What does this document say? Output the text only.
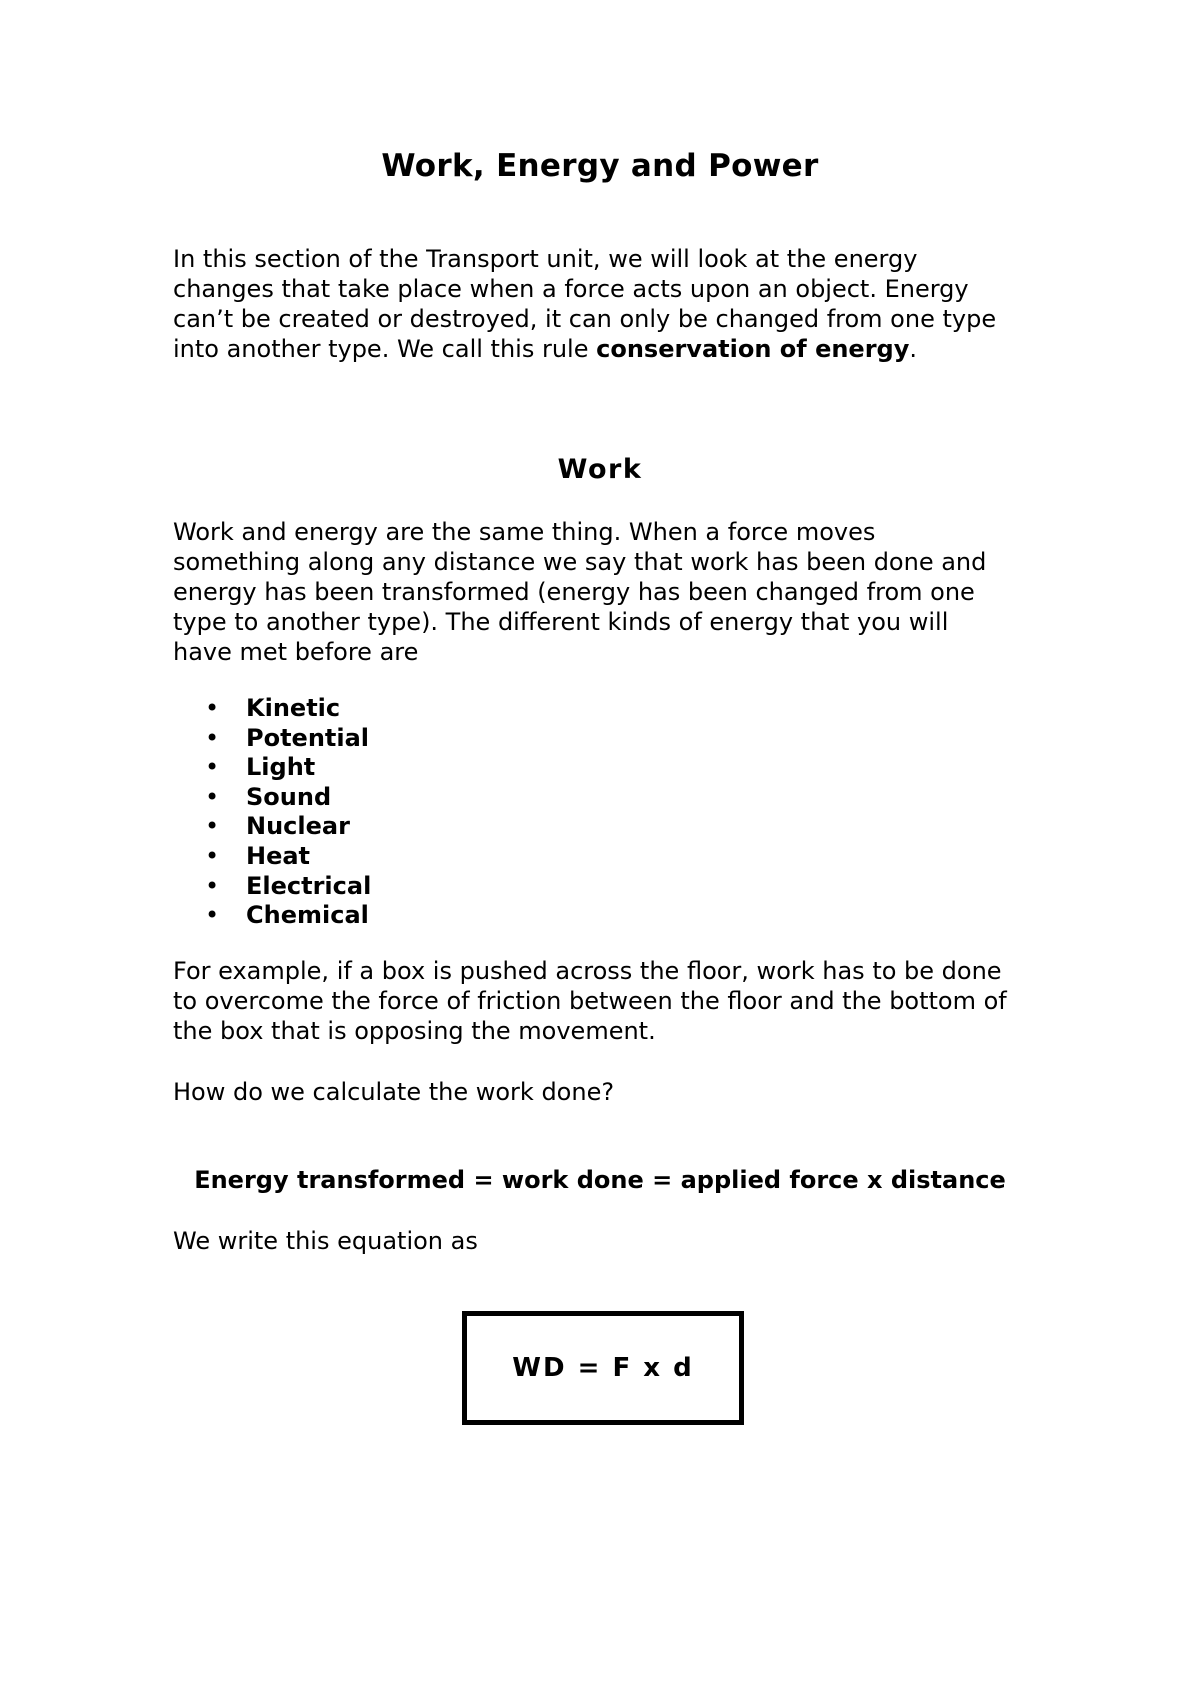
Work, Energy and Power

In this section of the Transport unit, we will look at the energy
changes that take place when a force acts upon an object. Energy
can’t be created or destroyed, it can only be changed from one type
into another type. We call this rule conservation of energy.

Work

Work and energy are the same thing. When a force moves
something along any distance we say that work has been done and
energy has been transformed (energy has been changed from one
type to another type). The different kinds of energy that you will
have met before are

• Kinetic
• Potential
• Light
• Sound
• Nuclear
• Heat
• Electrical
• Chemical

For example, if a box is pushed across the floor, work has to be done
to overcome the force of friction between the floor and the bottom of
the box that is opposing the movement.

How do we calculate the work done?

Energy transformed = work done = applied force x distance

We write this equation as

WD = F x d
